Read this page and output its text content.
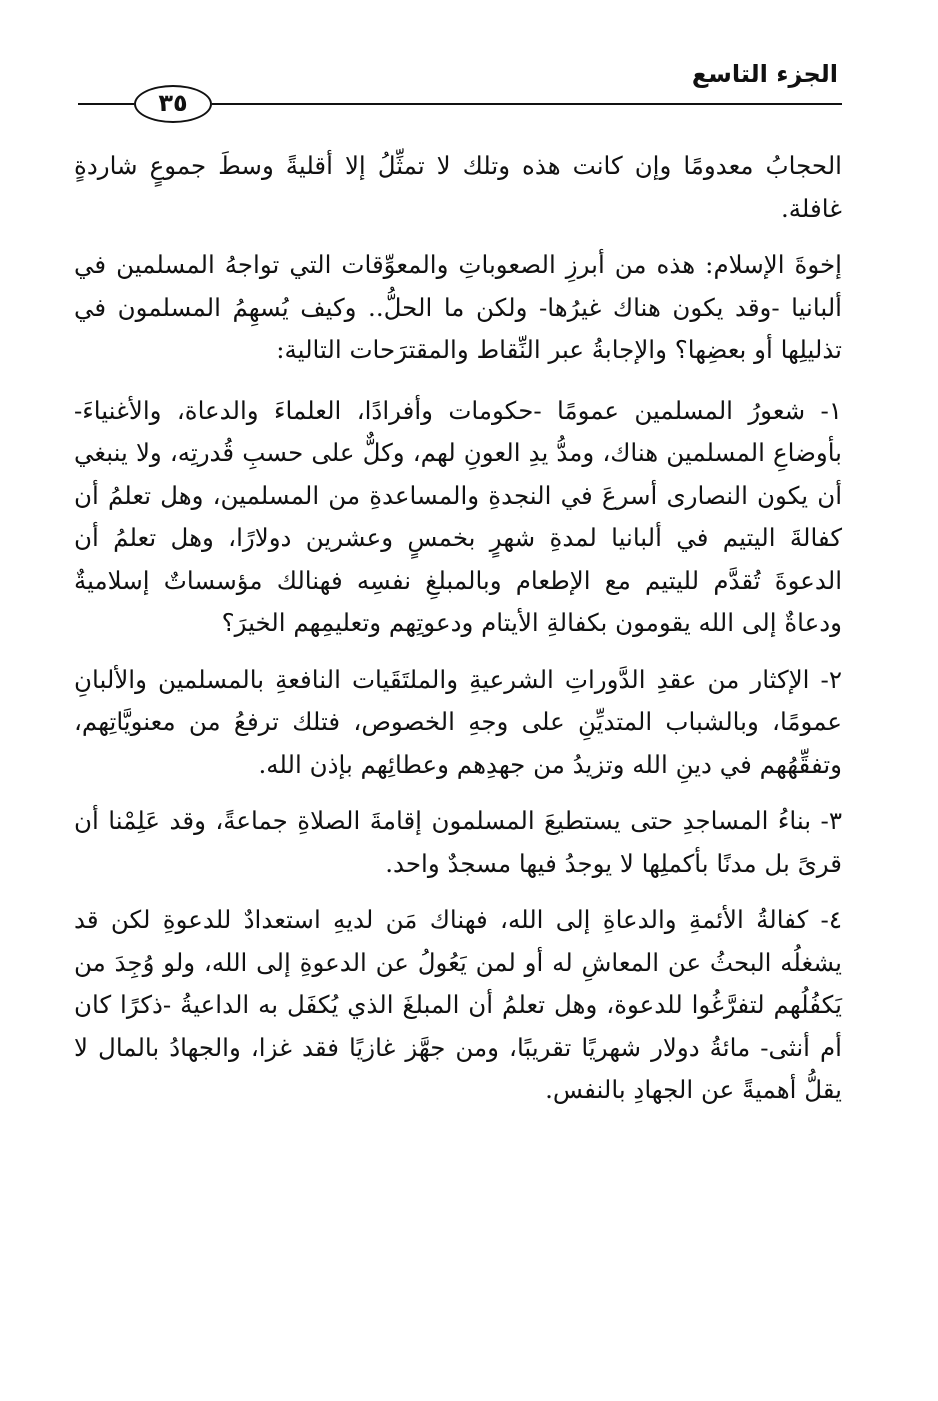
الجزء التاسع
٣٥

الحجابُ معدومًا وإن كانت هذه وتلك لا تمثِّلُ إلا أقليةً وسطَ جموعٍ شاردةٍ غافلة.

إخوةَ الإسلام: هذه من أبرزِ الصعوباتِ والمعوِّقات التي تواجهُ المسلمين في ألبانيا -وقد يكون هناك غيرُها- ولكن ما الحلُّ.. وكيف يُسهِمُ المسلمون في تذليلِها أو بعضِها؟ والإجابةُ عبر النِّقاط والمقترَحات التالية:

١- شعورُ المسلمين عمومًا -حكومات وأفرادًا، العلماءَ والدعاة، والأغنياءَ- بأوضاعِ المسلمين هناك، ومدُّ يدِ العونِ لهم، وكلٌّ على حسبِ قُدرتِه، ولا ينبغي أن يكون النصارى أسرعَ في النجدةِ والمساعدةِ من المسلمين، وهل تعلمُ أن كفالةَ اليتيم في ألبانيا لمدةِ شهرٍ بخمسٍ وعشرين دولارًا، وهل تعلمُ أن الدعوةَ تُقدَّم لليتيم مع الإطعام وبالمبلغِ نفسِه فهنالك مؤسساتٌ إسلاميةٌ ودعاةٌ إلى الله يقومون بكفالةِ الأيتام ودعوتِهم وتعليمِهم الخيرَ؟

٢- الإكثار من عقدِ الدَّوراتِ الشرعيةِ والملتَقَيات النافعةِ بالمسلمين والألبانِ عمومًا، وبالشباب المتديِّنِ على وجهِ الخصوص، فتلك ترفعُ من معنويَّاتِهم، وتفقِّهُهم في دينِ الله وتزيدُ من جهدِهم وعطائِهم بإذن الله.

٣- بناءُ المساجدِ حتى يستطيعَ المسلمون إقامةَ الصلاةِ جماعةً، وقد عَلِمْنا أن قرىً بل مدنًا بأكملِها لا يوجدُ فيها مسجدٌ واحد.

٤- كفالةُ الأئمةِ والدعاةِ إلى الله، فهناك مَن لديهِ استعدادٌ للدعوةِ لكن قد يشغلُه البحثُ عن المعاشِ له أو لمن يَعُولُ عن الدعوةِ إلى الله، ولو وُجِدَ من يَكفُلُهم لتفرَّغُوا للدعوة، وهل تعلمُ أن المبلغَ الذي يُكفَل به الداعيةُ -ذكرًا كان أم أنثى- مائةُ دولار شهريًا تقريبًا، ومن جهَّز غازيًا فقد غزا، والجهادُ بالمال لا يقلُّ أهميةً عن الجهادِ بالنفس.
